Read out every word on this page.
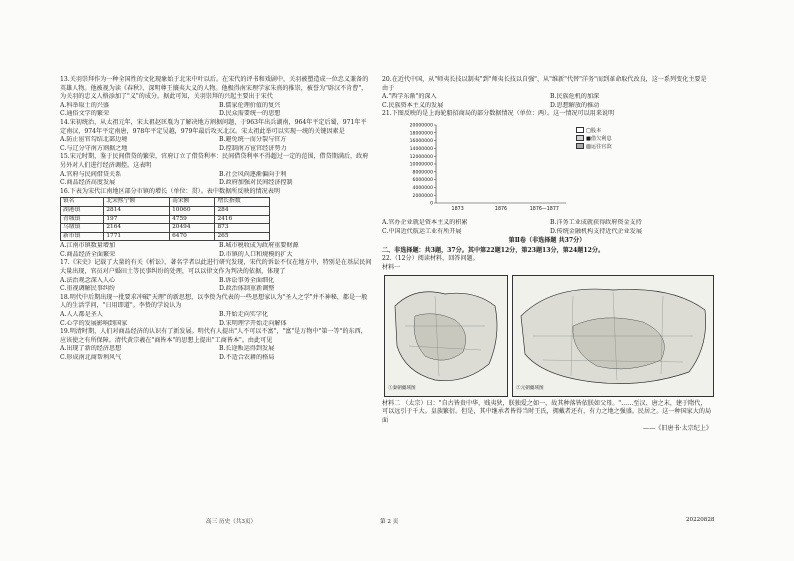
13.关羽崇拜作为一种全国性的文化现象始于北宋中叶以后。在宋代的评书和戏剧中，关羽被塑造成一位忠义兼备的英雄人物。他被视为读《春秋》、深明尊王攘夷大义的人物。他极得南宋理学家朱熹的推崇，被誉为"辟汉不肯曹"，为关羽的忠义人格添加了"义"的成分。据此可知，关羽崇拜的兴起主要出于宋代

A.科举取士的兴盛	B.儒家伦理价值的复兴
C.通俗文学的繁荣	D.民众需要统一的思想

14.宋初统治，从太祖元年，宋太祖赵匡胤为了解决地方割据问题，于963年出兵湖南，964年平定后蜀，971年平定南汉，974年平定南唐，978年平定吴越，979年最后攻灭北汉。宋太祖此举可以实现一统的关键因素是

A.防止宦官勾结北部边境	B.避免统一而分裂与官方
C.与辽分守南方割据之地	D.控制南方宦官经济势力

15.宋元时期，鉴于民间借贷的繁荣，官府订立了借贷利率：民间借贷利率不得超过一定的范围，借贷期满后，政府另外对人们进行经济调控。这表明

A.官府与民间借贷关系	B.社会风尚逐渐偏向于利
C.商品经济高度发展	D.政府加强对民间经济控制

16.下表为宋代江南地区部分市镇的增长（单位：贯）。表中数据所反映的情况表明

镇名	北宋熙宁额	南宋额	增长指数
湖港镇	2814	10060	284
青城镇	197	4759	2416
乌墩镇	2164	20494	873
新市镇	1771	6470	265
A.江南市镇数量增加	B.城市税收成为政府重要财源
C.商品经济全面繁荣	D.市镇的人口和规模的扩大

17.《宋史》记载了大量的有关《析讼》，著名学者以此进行研究发现，宋代的诉讼不仅在地方中，特别是在基层民间大量出现，官员对户婚田土等民事纠纷的处理，可以以律文作为判决的依据，体现了

A.法治观念深入人心	B.诉讼事务全面细化
C.重视调解民事纠纷	D.政治体制重新调整

18.明代中后期出现一批要求冲破"天理"的新思想，以李贽为代表的一些思想家认为"圣人之学"并不神秘，都是一般人的生活学问，"日用即道"。李贽的学说认为

A.人人都是圣人	B.开始走向实学化
C.心学的发展影响到国家	D.宋明理学开始走向解体

19.明清时期，人们对商品经济的认识有了新发展。明代有人提出"人不可以不富"，"富"是万物中"第一等"的东西，应该使之有所保障。清代黄宗羲在"商皆本"的思想上提出"工商皆本"。由此可见

A.出现了新的经济思想	B.长途贩运得到发展
C.形成南北商帮利风气	D.不适合农耕的格局

20.在近代中国，从"师夷长技以制夷"到"师夷长技以自强"，从"维新"代替"洋务"而到革命取代改良，这一系列变化主要是由于

A."西学东渐"的深入	B.民族危机的加深
C.民族资本主义的发展	D.思想解放的推动

21.下图反映的是上海轮船招商局的部分数据情况（单位：两）。这一情况可以用来说明

20000000
18000000
16000000
14000000
12000000
10000000
8000000
6000000
4000000
2000000
0
1873	1876	1876—1877
□股本
■借欠利息
▨运往官款
A.官办企业就是资本主义的积累	B.洋务工业成就获得政府资金支持
C.中国近代航运工业有所开展	D.传统金融机构支持近代企业发展
第Ⅱ卷（非选择题 共37分）
二、非选择题：共3题，37分。其中第22题12分，第23题13分，第24题12分。

22.（12分）阅读材料，回答问题。

材料一
①秦朝疆域图	②元朝疆域图

材料二 （太宗）曰："自古皆贵中华，贱夷狄，朕独爱之如一，故其种落皆依朕如父母。"……至汉、唐之末，建于隋代，可以远引于千大。皇族繁衍。但是，其中继承者皆得当时王氏，拥戴者还有，有力之地之强盛。民居之。这一种国家大的局面

——《旧唐书·太宗纪上》
高三 历史（共3页）	第 2 页	20220828
